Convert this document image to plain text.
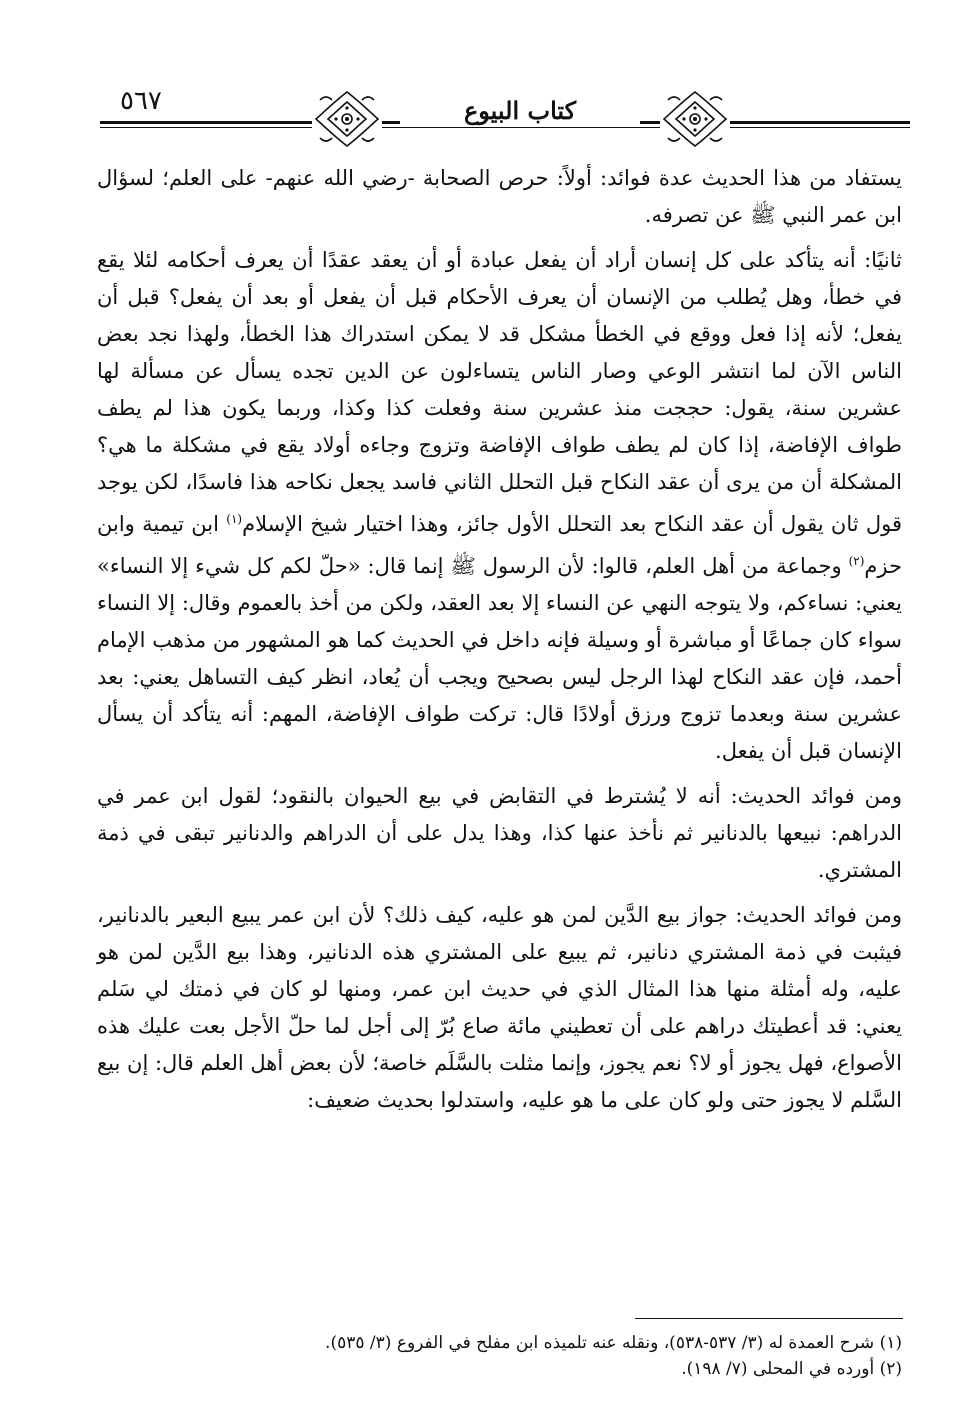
٥٦٧	كتاب البيوع

يستفاد من هذا الحديث عدة فوائد: أولاً: حرص الصحابة -رضي الله عنهم- على العلم؛ لسؤال ابن عمر النبي ﷺ عن تصرفه.

ثانيًا: أنه يتأكد على كل إنسان أراد أن يفعل عبادة أو أن يعقد عقدًا أن يعرف أحكامه لئلا يقع في خطأ، وهل يُطلب من الإنسان أن يعرف الأحكام قبل أن يفعل أو بعد أن يفعل؟ قبل أن يفعل؛ لأنه إذا فعل ووقع في الخطأ مشكل قد لا يمكن استدراك هذا الخطأ، ولهذا نجد بعض الناس الآن لما انتشر الوعي وصار الناس يتساءلون عن الدين تجده يسأل عن مسألة لها عشرين سنة، يقول: حججت منذ عشرين سنة وفعلت كذا وكذا، وربما يكون هذا لم يطف طواف الإفاضة، إذا كان لم يطف طواف الإفاضة وتزوج وجاءه أولاد يقع في مشكلة ما هي؟ المشكلة أن من يرى أن عقد النكاح قبل التحلل الثاني فاسد يجعل نكاحه هذا فاسدًا، لكن يوجد قول ثان يقول أن عقد النكاح بعد التحلل الأول جائز، وهذا اختيار شيخ الإسلام$^{(١)}$ ابن تيمية وابن حزم$^{(٢)}$ وجماعة من أهل العلم، قالوا: لأن الرسول ﷺ إنما قال: «حلّ لكم كل شيء إلا النساء» يعني: نساءكم، ولا يتوجه النهي عن النساء إلا بعد العقد، ولكن من أخذ بالعموم وقال: إلا النساء سواء كان جماعًا أو مباشرة أو وسيلة فإنه داخل في الحديث كما هو المشهور من مذهب الإمام أحمد، فإن عقد النكاح لهذا الرجل ليس بصحيح ويجب أن يُعاد، انظر كيف التساهل يعني: بعد عشرين سنة وبعدما تزوج ورزق أولادًا قال: تركت طواف الإفاضة، المهم: أنه يتأكد أن يسأل الإنسان قبل أن يفعل.

ومن فوائد الحديث: أنه لا يُشترط في التقابض في بيع الحيوان بالنقود؛ لقول ابن عمر في الدراهم: نبيعها بالدنانير ثم نأخذ عنها كذا، وهذا يدل على أن الدراهم والدنانير تبقى في ذمة المشتري.

ومن فوائد الحديث: جواز بيع الدَّين لمن هو عليه، كيف ذلك؟ لأن ابن عمر يبيع البعير بالدنانير، فيثبت في ذمة المشتري دنانير، ثم يبيع على المشتري هذه الدنانير، وهذا بيع الدَّين لمن هو عليه، وله أمثلة منها هذا المثال الذي في حديث ابن عمر، ومنها لو كان في ذمتك لي سَلم يعني: قد أعطيتك دراهم على أن تعطيني مائة صاع بُرّ إلى أجل لما حلّ الأجل بعت عليك هذه الأصواع، فهل يجوز أو لا؟ نعم يجوز، وإنما مثلت بالسَّلَم خاصة؛ لأن بعض أهل العلم قال: إن بيع السَّلم لا يجوز حتى ولو كان على ما هو عليه، واستدلوا بحديث ضعيف:

(١) شرح العمدة له (٣/ ٥٣٧-٥٣٨)، ونقله عنه تلميذه ابن مفلح في الفروع (٣/ ٥٣٥).
(٢) أورده في المحلى (٧/ ١٩٨).
